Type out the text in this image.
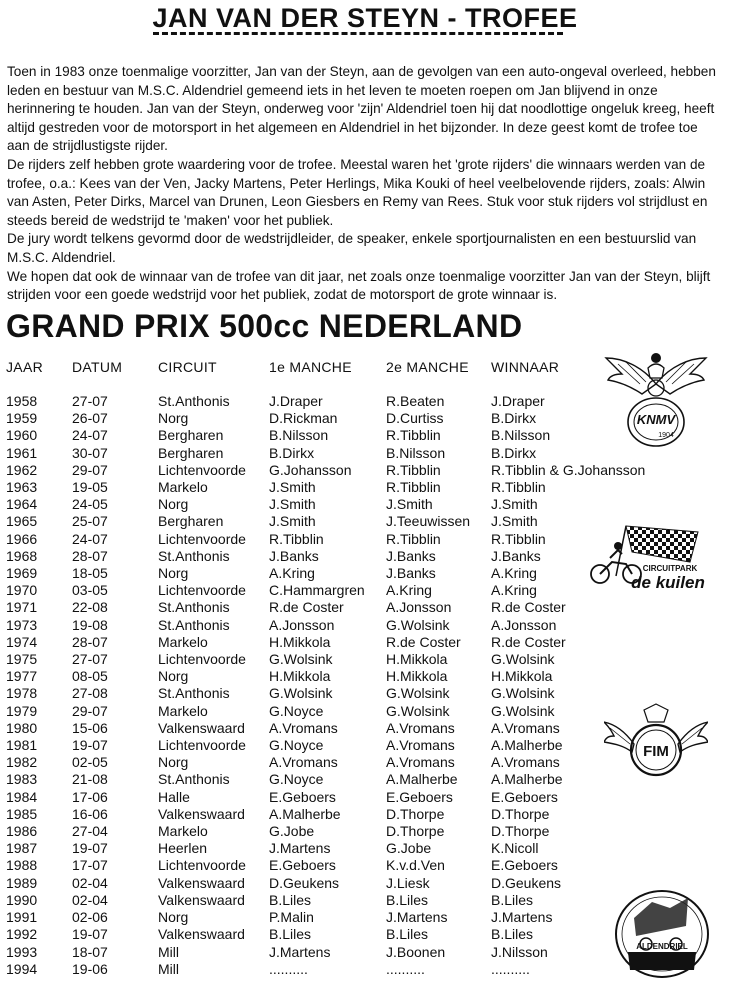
JAN VAN DER STEYN - TROFEE

Toen in 1983 onze toenmalige voorzitter, Jan van der Steyn, aan de gevolgen van een auto-ongeval overleed, hebben leden en bestuur van M.S.C. Aldendriel gemeend iets in het leven te moeten roepen om Jan blijvend in onze herinnering te houden. Jan van der Steyn, onderweg voor 'zijn' Aldendriel toen hij dat noodlottige ongeluk kreeg, heeft altijd gestreden voor de motorsport in het algemeen en Aldendriel in het bijzonder. In deze geest komt de trofee toe aan de strijdlustigste rijder.

De rijders zelf hebben grote waardering voor de trofee. Meestal waren het 'grote rijders' die winnaars werden van de trofee, o.a.: Kees van der Ven, Jacky Martens, Peter Herlings, Mika Kouki of heel veelbelovende rijders, zoals: Alwin van Asten, Peter Dirks, Marcel van Drunen, Leon Giesbers en Remy van Rees. Stuk voor stuk rijders vol strijdlust en steeds bereid de wedstrijd te 'maken' voor het publiek.

De jury wordt telkens gevormd door de wedstrijdleider, de speaker, enkele sportjournalisten en een bestuurslid van M.S.C. Aldendriel.

We hopen dat ook de winnaar van de trofee van dit jaar, net zoals onze toenmalige voorzitter Jan van der Steyn, blijft strijden voor een goede wedstrijd voor het publiek, zodat de motorsport de grote winnaar is.

GRAND PRIX 500cc NEDERLAND
JAAR	DATUM	CIRCUIT	1e MANCHE	2e MANCHE	WINNAAR
1958	27-07	St.Anthonis	J.Draper	R.Beaten	J.Draper
1959	26-07	Norg	D.Rickman	D.Curtiss	B.Dirkx
1960	24-07	Bergharen	B.Nilsson	R.Tibblin	B.Nilsson
1961	30-07	Bergharen	B.Dirkx	B.Nilsson	B.Dirkx
1962	29-07	Lichtenvoorde	G.Johansson	R.Tibblin	R.Tibblin & G.Johansson
1963	19-05	Markelo	J.Smith	R.Tibblin	R.Tibblin
1964	24-05	Norg	J.Smith	J.Smith	J.Smith
1965	25-07	Bergharen	J.Smith	J.Teeuwissen	J.Smith
1966	24-07	Lichtenvoorde	R.Tibblin	R.Tibblin	R.Tibblin
1968	28-07	St.Anthonis	J.Banks	J.Banks	J.Banks
1969	18-05	Norg	A.Kring	J.Banks	A.Kring
1970	03-05	Lichtenvoorde	C.Hammargren	A.Kring	A.Kring
1971	22-08	St.Anthonis	R.de Coster	A.Jonsson	R.de Coster
1973	19-08	St.Anthonis	A.Jonsson	G.Wolsink	A.Jonsson
1974	28-07	Markelo	H.Mikkola	R.de Coster	R.de Coster
1975	27-07	Lichtenvoorde	G.Wolsink	H.Mikkola	G.Wolsink
1977	08-05	Norg	H.Mikkola	H.Mikkola	H.Mikkola
1978	27-08	St.Anthonis	G.Wolsink	G.Wolsink	G.Wolsink
1979	29-07	Markelo	G.Noyce	G.Wolsink	G.Wolsink
1980	15-06	Valkenswaard	A.Vromans	A.Vromans	A.Vromans
1981	19-07	Lichtenvoorde	G.Noyce	A.Vromans	A.Malherbe
1982	02-05	Norg	A.Vromans	A.Vromans	A.Vromans
1983	21-08	St.Anthonis	G.Noyce	A.Malherbe	A.Malherbe
1984	17-06	Halle	E.Geboers	E.Geboers	E.Geboers
1985	16-06	Valkenswaard	A.Malherbe	D.Thorpe	D.Thorpe
1986	27-04	Markelo	G.Jobe	D.Thorpe	D.Thorpe
1987	19-07	Heerlen	J.Martens	G.Jobe	K.Nicoll
1988	17-07	Lichtenvoorde	E.Geboers	K.v.d.Ven	E.Geboers
1989	02-04	Valkenswaard	D.Geukens	J.Liesk	D.Geukens
1990	02-04	Valkenswaard	B.Liles	B.Liles	B.Liles
1991	02-06	Norg	P.Malin	J.Martens	J.Martens
1992	19-07	Valkenswaard	B.Liles	B.Liles	B.Liles
1993	18-07	Mill	J.Martens	J.Boonen	J.Nilsson
1994	19-06	Mill	..........	..........	..........
KNMV
1904
CIRCUITPARK
de kuilen
FIM
ALDENDRIEL
